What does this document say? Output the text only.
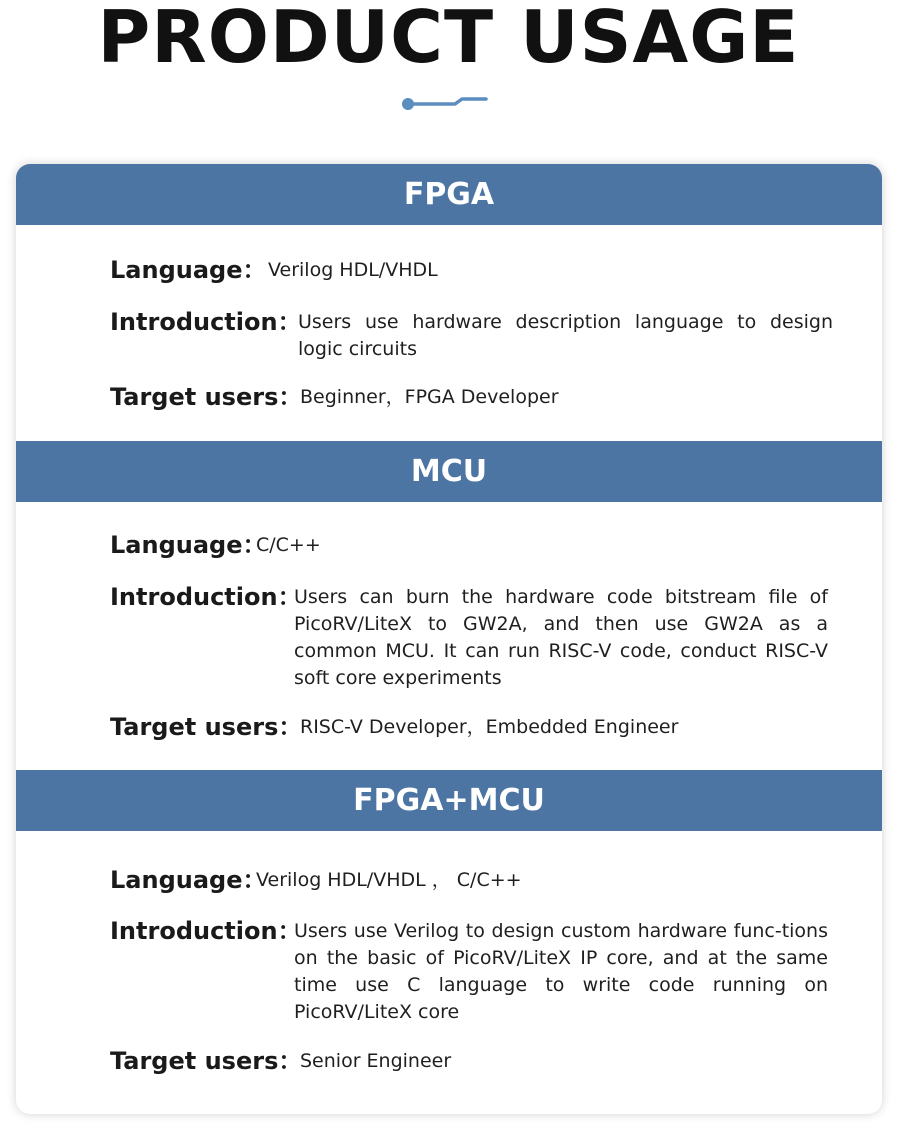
PRODUCT USAGE
FPGA
Language： Verilog HDL/VHDL
Introduction：
Users use hardware description language to design logic circuits
Target users：
Beginner，FPGA Developer
MCU
Language：
C/C++
Introduction：
Users can burn the hardware code bitstream file of PicoRV/LiteX to GW2A, and then use GW2A as a common MCU. It can run RISC-V code, conduct RISC-V soft core experiments
Target users：
RISC-V Developer，Embedded Engineer
FPGA+MCU
Language：
Verilog HDL/VHDL ， C/C++
Introduction：
Users use Verilog to design custom hardware func-tions on the basic of PicoRV/LiteX IP core, and at the same time use C language to write code running on PicoRV/LiteX core
Target users：
Senior Engineer
